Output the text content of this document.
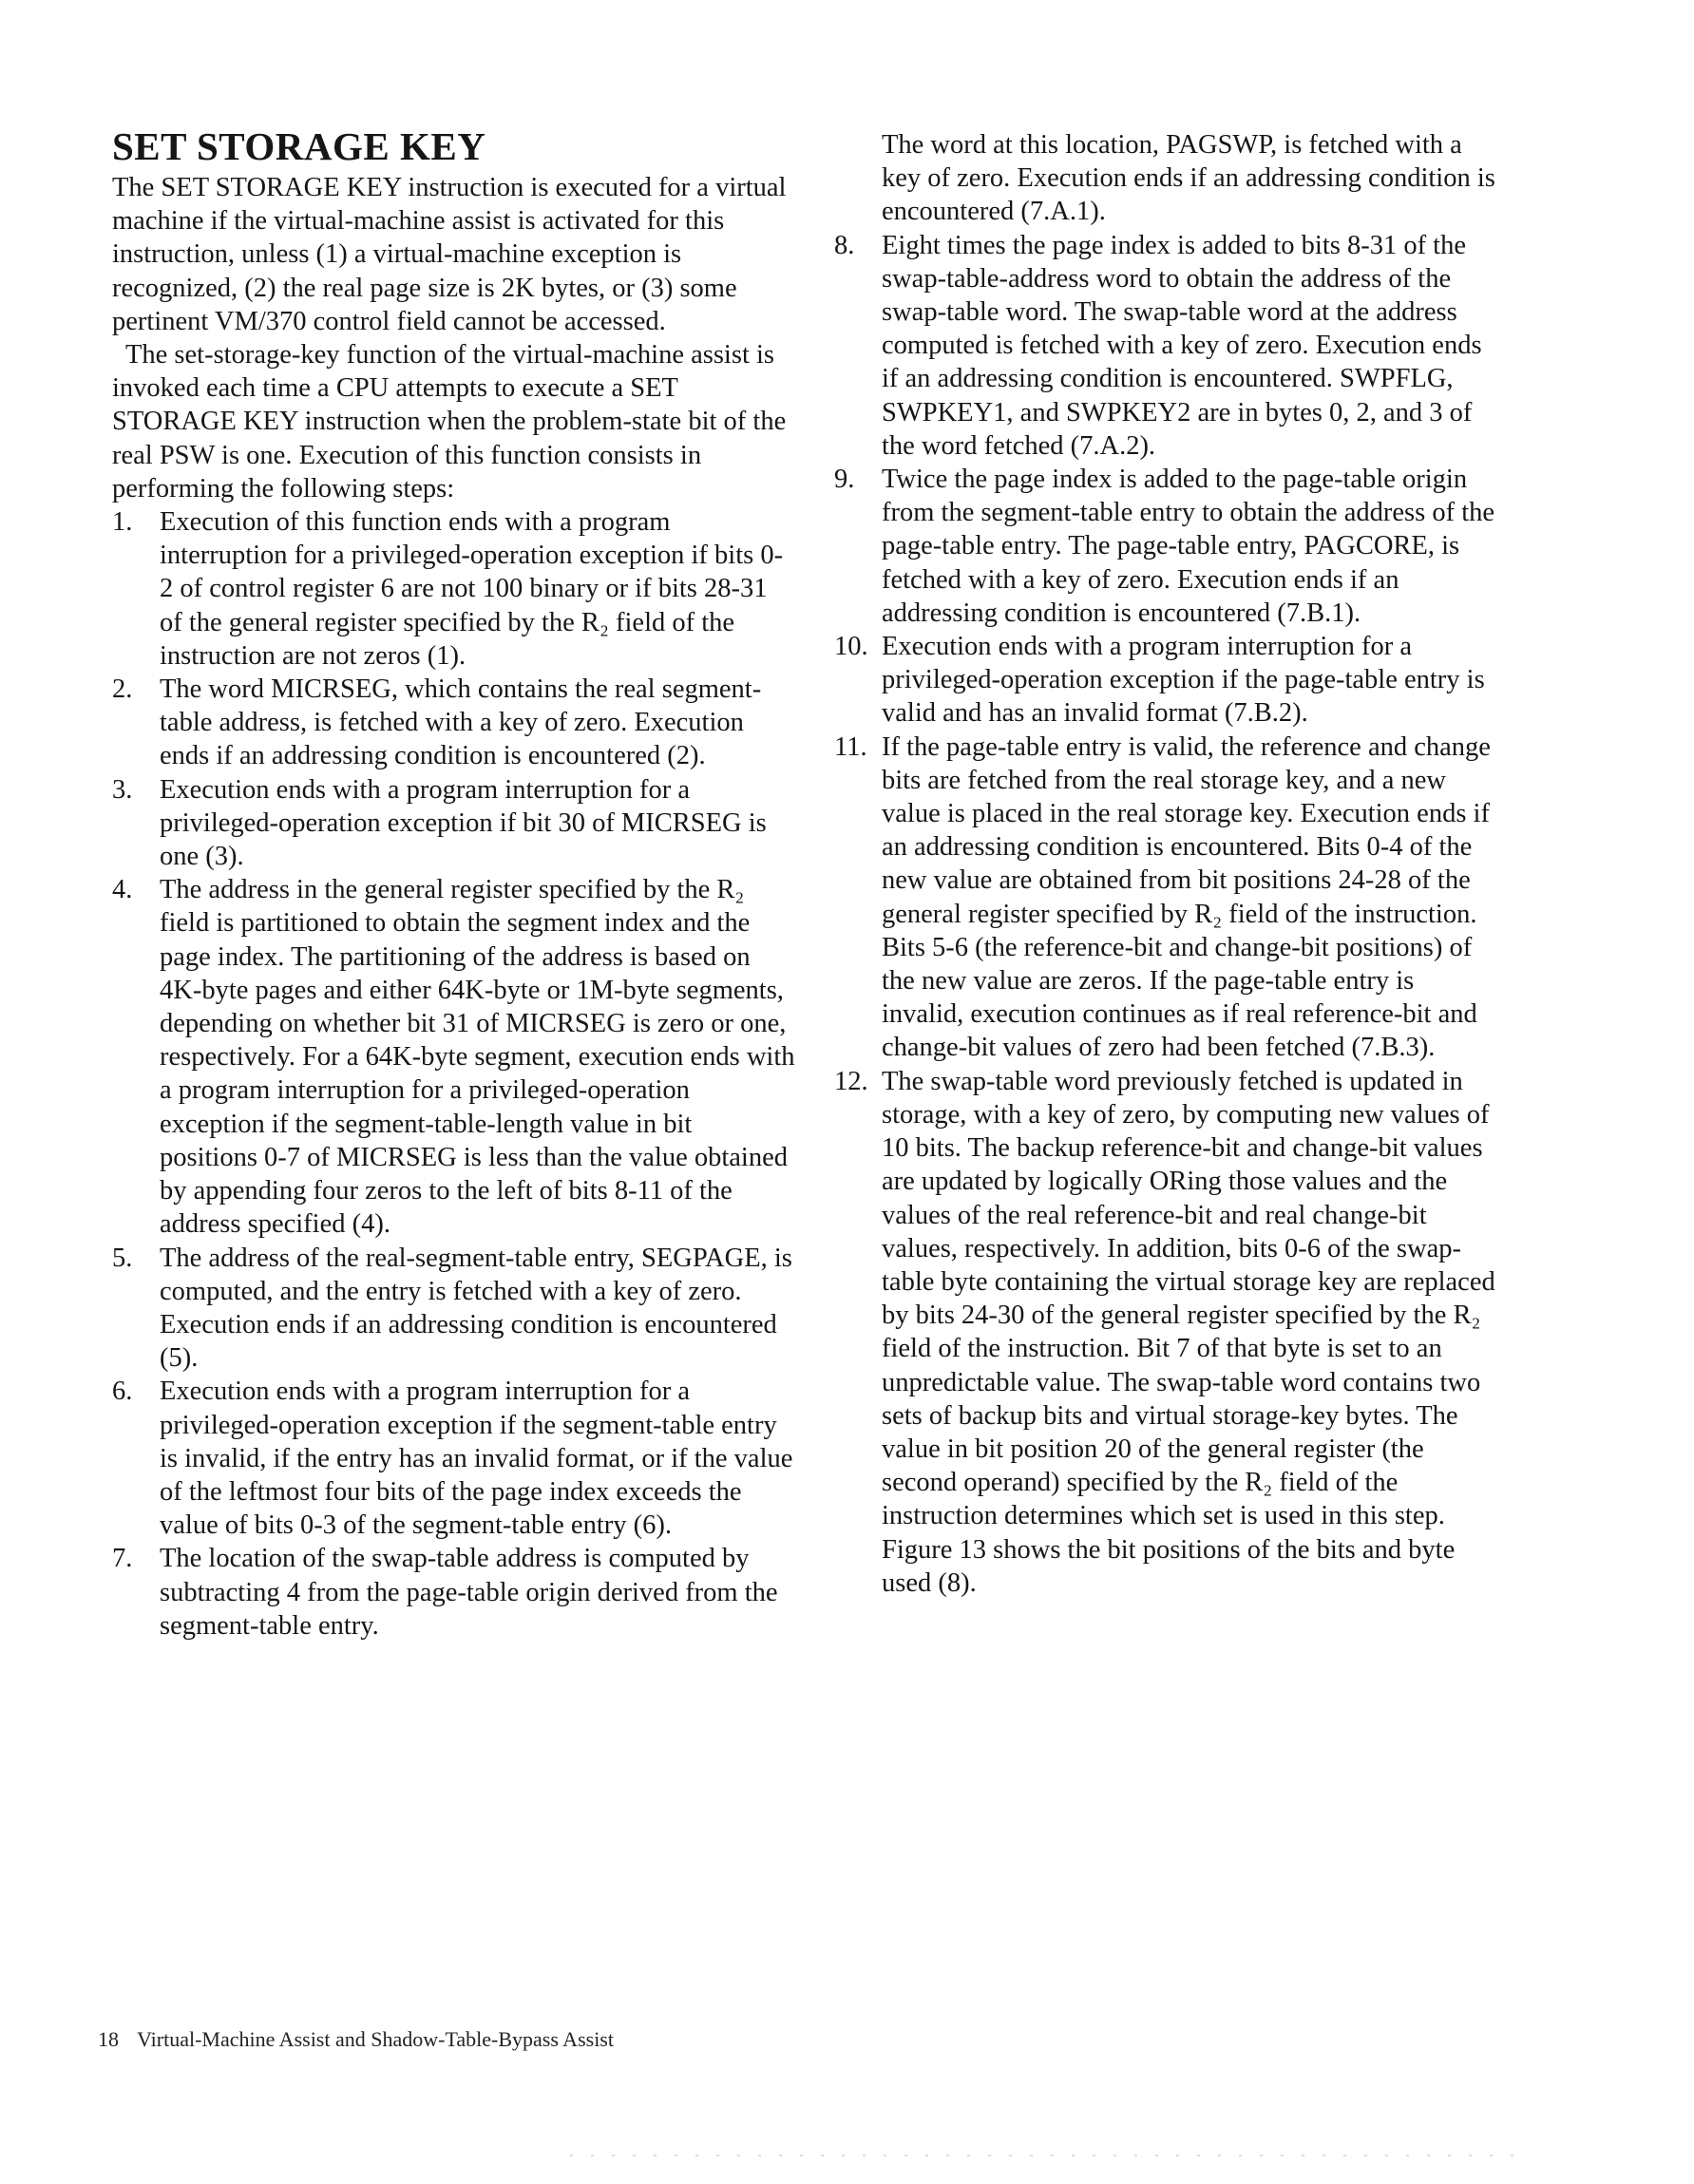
SET STORAGE KEY

The SET STORAGE KEY instruction is executed for a virtual machine if the virtual-machine assist is activated for this instruction, unless (1) a virtual-machine exception is recognized, (2) the real page size is 2K bytes, or (3) some pertinent VM/370 control field cannot be accessed.

The set-storage-key function of the virtual-machine assist is invoked each time a CPU attempts to execute a SET STORAGE KEY instruction when the problem-state bit of the real PSW is one. Execution of this function consists in performing the following steps:

1. Execution of this function ends with a program interruption for a privileged-operation exception if bits 0-2 of control register 6 are not 100 binary or if bits 28-31 of the general register specified by the R₂ field of the instruction are not zeros (1).
2. The word MICRSEG, which contains the real segment-table address, is fetched with a key of zero. Execution ends if an addressing condition is encountered (2).
3. Execution ends with a program interruption for a privileged-operation exception if bit 30 of MICRSEG is one (3).
4. The address in the general register specified by the R₂ field is partitioned to obtain the segment index and the page index. The partitioning of the address is based on 4K-byte pages and either 64K-byte or 1M-byte segments, depending on whether bit 31 of MICRSEG is zero or one, respectively. For a 64K-byte segment, execution ends with a program interruption for a privileged-operation exception if the segment-table-length value in bit positions 0-7 of MICRSEG is less than the value obtained by appending four zeros to the left of bits 8-11 of the address specified (4).
5. The address of the real-segment-table entry, SEGPAGE, is computed, and the entry is fetched with a key of zero. Execution ends if an addressing condition is encountered (5).
6. Execution ends with a program interruption for a privileged-operation exception if the segment-table entry is invalid, if the entry has an invalid format, or if the value of the leftmost four bits of the page index exceeds the value of bits 0-3 of the segment-table entry (6).
7. The location of the swap-table address is computed by subtracting 4 from the page-table origin derived from the segment-table entry.

The word at this location, PAGSWP, is fetched with a key of zero. Execution ends if an addressing condition is encountered (7.A.1).

8. Eight times the page index is added to bits 8-31 of the swap-table-address word to obtain the address of the swap-table word. The swap-table word at the address computed is fetched with a key of zero. Execution ends if an addressing condition is encountered. SWPFLG, SWPKEY1, and SWPKEY2 are in bytes 0, 2, and 3 of the word fetched (7.A.2).
9. Twice the page index is added to the page-table origin from the segment-table entry to obtain the address of the page-table entry. The page-table entry, PAGCORE, is fetched with a key of zero. Execution ends if an addressing condition is encountered (7.B.1).
10. Execution ends with a program interruption for a privileged-operation exception if the page-table entry is valid and has an invalid format (7.B.2).
11. If the page-table entry is valid, the reference and change bits are fetched from the real storage key, and a new value is placed in the real storage key. Execution ends if an addressing condition is encountered. Bits 0-4 of the new value are obtained from bit positions 24-28 of the general register specified by R₂ field of the instruction. Bits 5-6 (the reference-bit and change-bit positions) of the new value are zeros. If the page-table entry is invalid, execution continues as if real reference-bit and change-bit values of zero had been fetched (7.B.3).
12. The swap-table word previously fetched is updated in storage, with a key of zero, by computing new values of 10 bits. The backup reference-bit and change-bit values are updated by logically ORing those values and the values of the real reference-bit and real change-bit values, respectively. In addition, bits 0-6 of the swap-table byte containing the virtual storage key are replaced by bits 24-30 of the general register specified by the R₂ field of the instruction. Bit 7 of that byte is set to an unpredictable value. The swap-table word contains two sets of backup bits and virtual storage-key bytes. The value in bit position 20 of the general register (the second operand) specified by the R₂ field of the instruction determines which set is used in this step. Figure 13 shows the bit positions of the bits and byte used (8).
18 Virtual-Machine Assist and Shadow-Table-Bypass Assist
